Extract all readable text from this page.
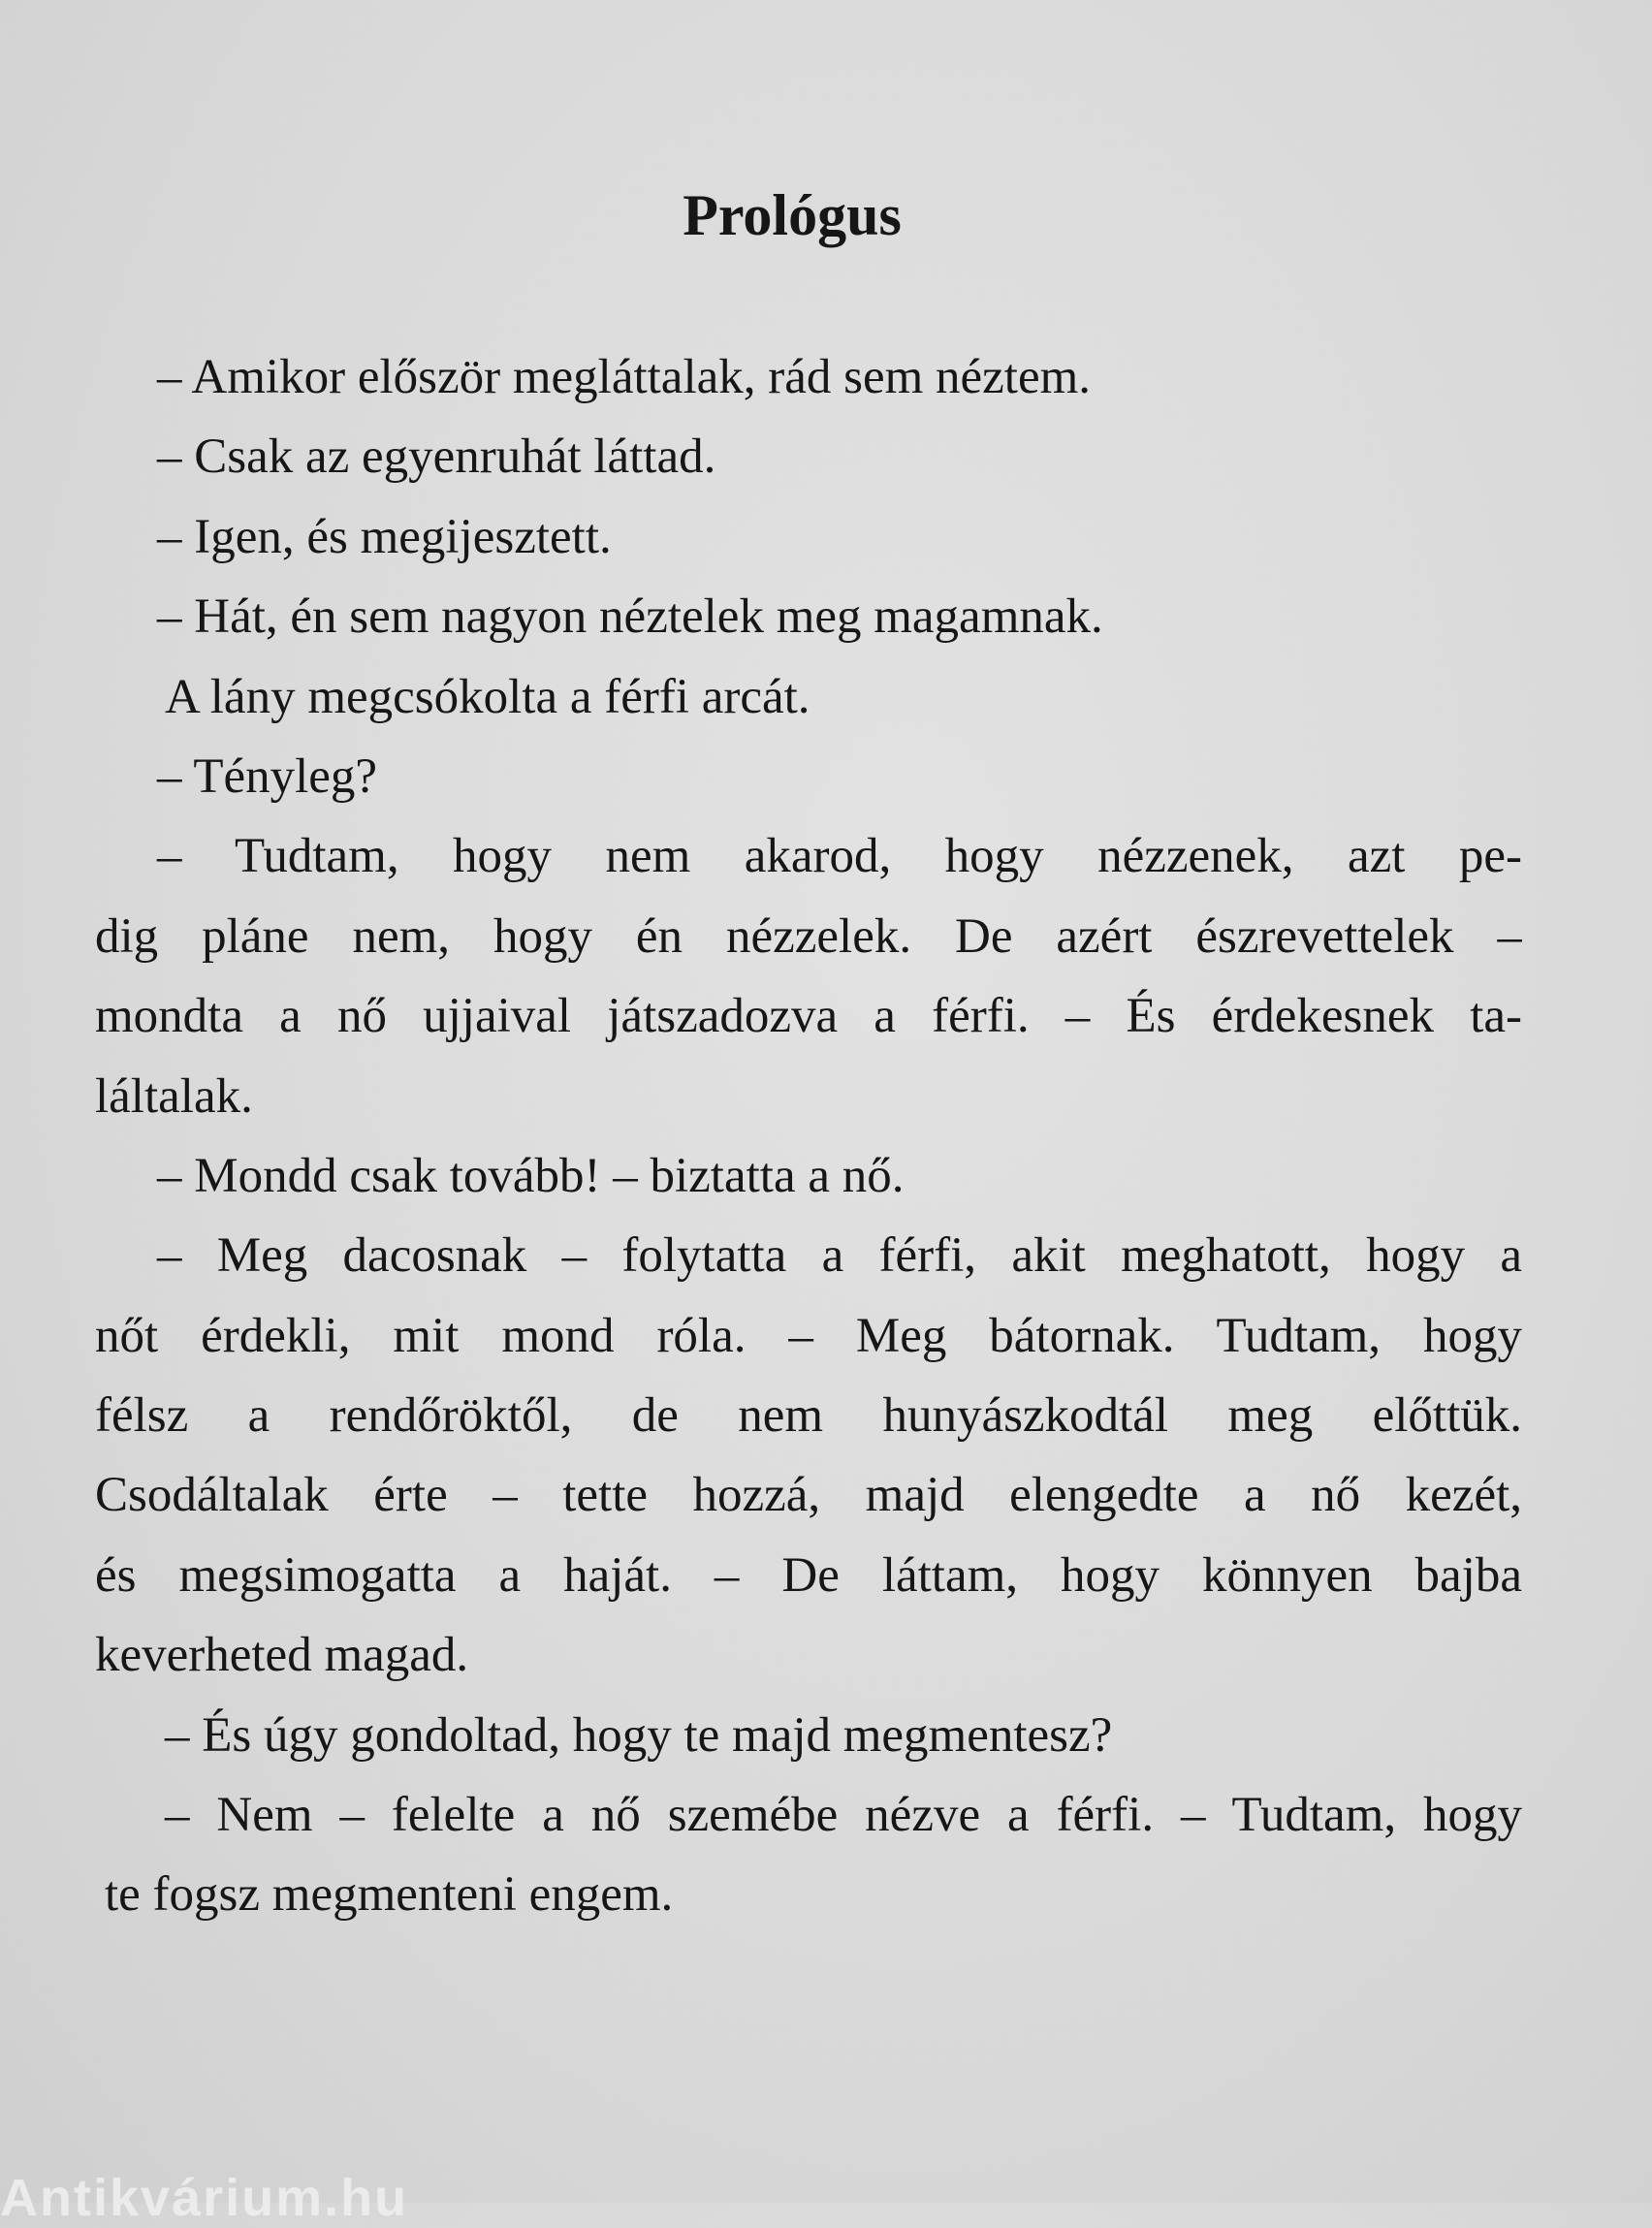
Prológus
– Amikor először megláttalak, rád sem néztem.
– Csak az egyenruhát láttad.
– Igen, és megijesztett.
– Hát, én sem nagyon néztelek meg magamnak.
A lány megcsókolta a férfi arcát.
– Tényleg?
– Tudtam, hogy nem akarod, hogy nézzenek, azt pe-
dig pláne nem, hogy én nézzelek. De azért észrevettelek –
mondta a nő ujjaival játszadozva a férfi. – És érdekesnek ta-
láltalak.
– Mondd csak tovább! – biztatta a nő.
– Meg dacosnak – folytatta a férfi, akit meghatott, hogy a
nőt érdekli, mit mond róla. – Meg bátornak. Tudtam, hogy
félsz a rendőröktől, de nem hunyászkodtál meg előttük.
Csodáltalak érte – tette hozzá, majd elengedte a nő kezét,
és megsimogatta a haját. – De láttam, hogy könnyen bajba
keverheted magad.
– És úgy gondoltad, hogy te majd megmentesz?
– Nem – felelte a nő szemébe nézve a férfi. – Tudtam, hogy
te fogsz megmenteni engem.
Antikvárium.hu
